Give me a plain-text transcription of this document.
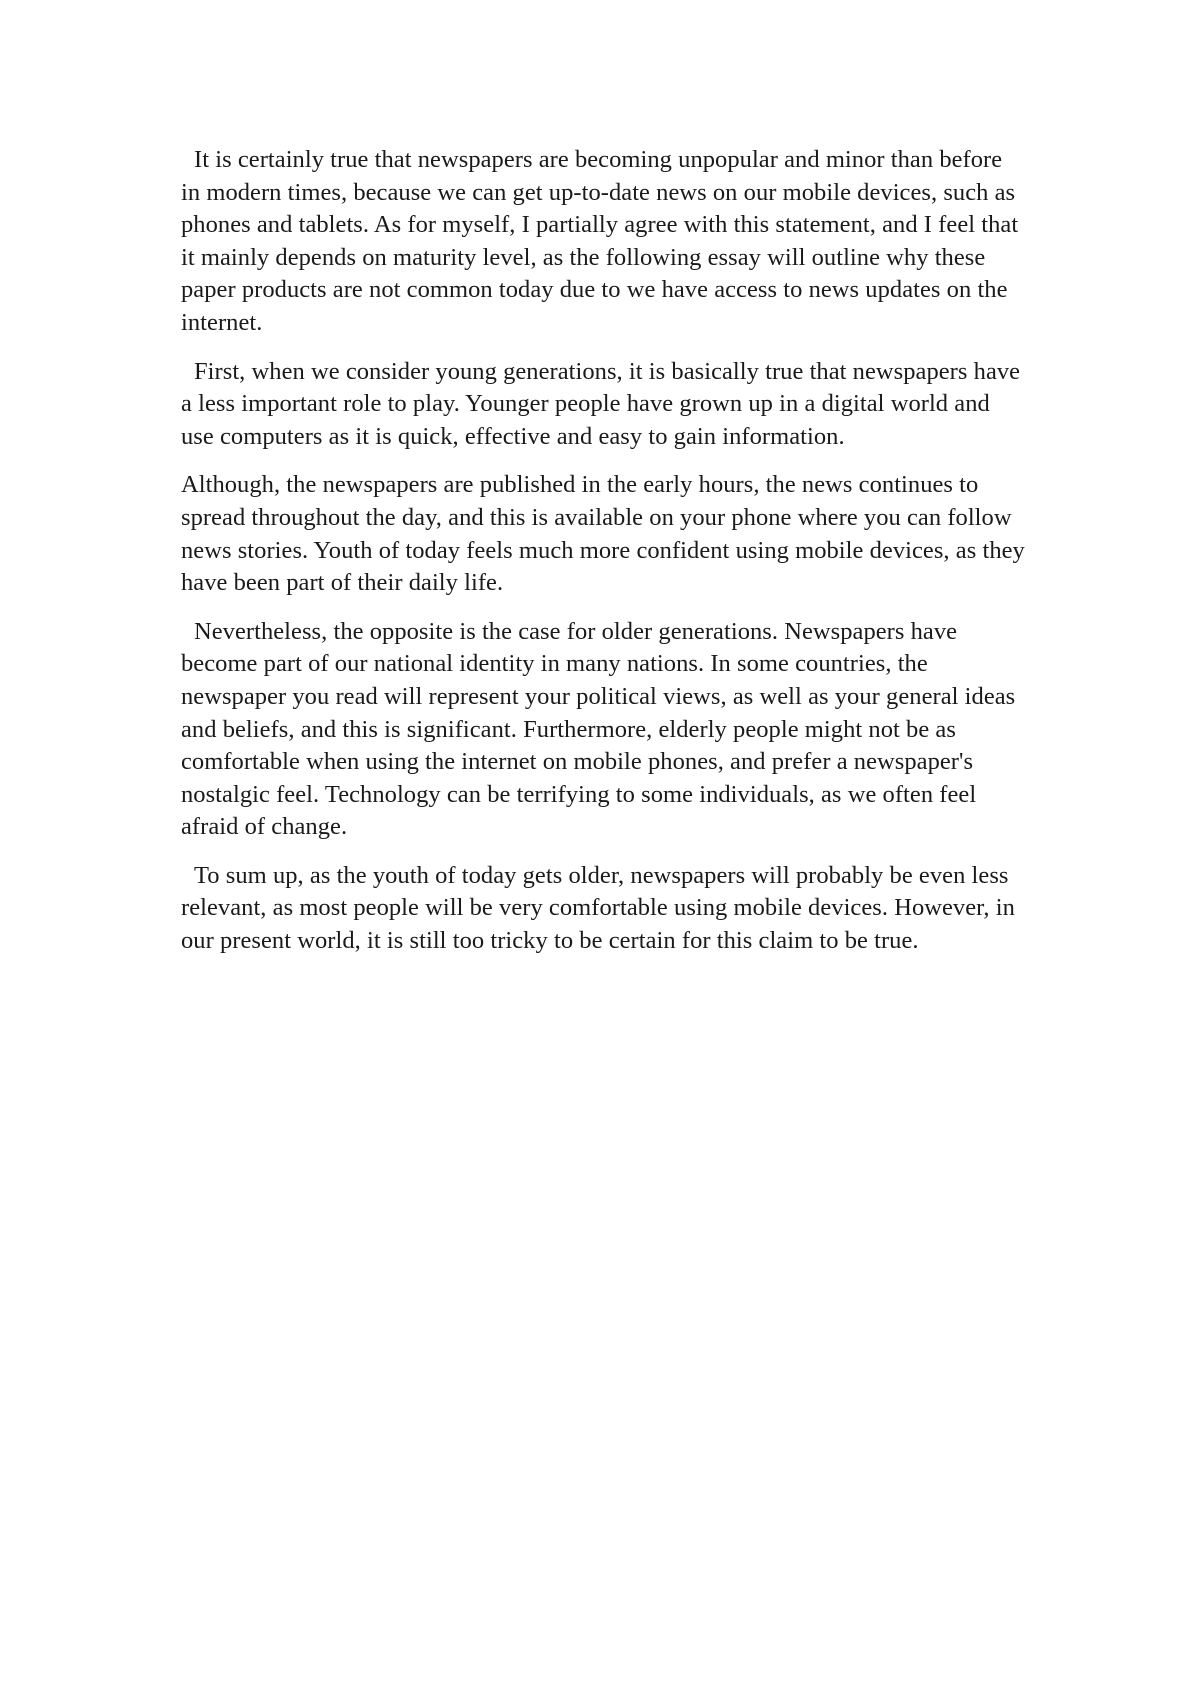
It is certainly true that newspapers are becoming unpopular and minor than before in modern times, because we can get up-to-date news on our mobile devices, such as phones and tablets. As for myself, I partially agree with this statement, and I feel that it mainly depends on maturity level, as the following essay will outline why these paper products are not common today due to we have access to news updates on the internet.

First, when we consider young generations, it is basically true that newspapers have a less important role to play. Younger people have grown up in a digital world and use computers as it is quick, effective and easy to gain information.

Although, the newspapers are published in the early hours, the news continues to spread throughout the day, and this is available on your phone where you can follow news stories. Youth of today feels much more confident using mobile devices, as they have been part of their daily life.

Nevertheless, the opposite is the case for older generations. Newspapers have become part of our national identity in many nations. In some countries, the newspaper you read will represent your political views, as well as your general ideas and beliefs, and this is significant. Furthermore, elderly people might not be as comfortable when using the internet on mobile phones, and prefer a newspaper's nostalgic feel. Technology can be terrifying to some individuals, as we often feel afraid of change.

To sum up, as the youth of today gets older, newspapers will probably be even less relevant, as most people will be very comfortable using mobile devices. However, in our present world, it is still too tricky to be certain for this claim to be true.
